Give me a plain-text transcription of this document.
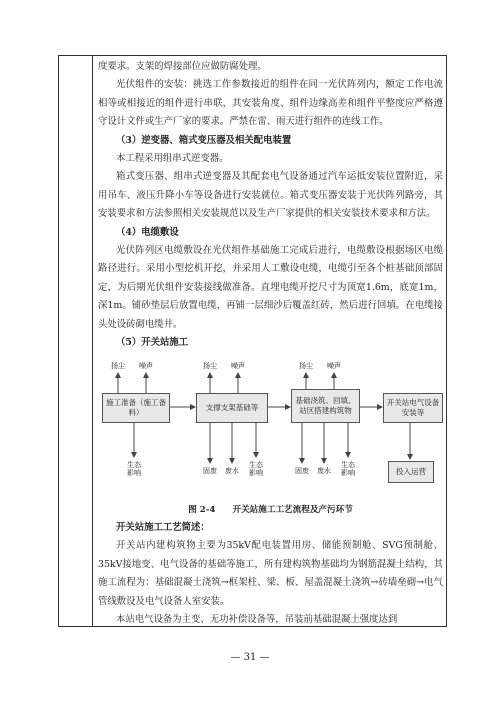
度要求。支架的焊接部位应做防腐处理。

光伏组件的安装：挑选工作参数接近的组件在同一光伏阵列内，额定工作电流相等或相接近的组件进行串联，其安装角度、组件边缘高差和组件平整度应严格遵守设计文件或生产厂家的要求。严禁在雷、雨天进行组件的连线工作。

（3）逆变器、箱式变压器及相关配电装置

本工程采用组串式逆变器。

箱式变压器、组串式逆变器及其配套电气设备通过汽车运抵安装位置附近，采用吊车、液压升降小车等设备进行安装就位。箱式变压器安装于光伏阵列路旁，其安装要求和方法参照相关安装规范以及生产厂家提供的相关安装技术要求和方法。

（4）电缆敷设

光伏阵列区电缆敷设在光伏组件基础施工完成后进行，电缆敷设根据场区电缆路径进行。采用小型挖机开挖，并采用人工敷设电缆，电缆引至各个桩基础顶部固定，为后期光伏组件安装接线做准备。直埋电缆开挖尺寸为顶宽1.6m，底宽1m，深1m。铺砂垫层后放置电缆，再铺一层细沙后覆盖红砖，然后进行回填。在电缆接头处设砖砌电缆井。

（5）开关站施工

施工准备（施工备料）
支撑支架基础等
基础浇筑、回填、站区搭建构筑物
开关站电气设备安装等
投入运营
扬尘	噪声
生态影响
扬尘	噪声
固废	废水
生态影响
扬尘	噪声
固废	废水
生态影响

图 2-4　　开关站施工工艺流程及产污环节

开关站施工工艺简述：

开关站内建构筑物主要为35kV配电装置用房、储能预制舱、SVG预制舱、35kV接地变、电气设备的基础等施工，所有建构筑物基础均为钢筋混凝土结构，其施工流程为：基础混凝土浇筑→框架柱、梁、板、屋盖混凝土浇筑→砖墙垒砌→电气管线敷设及电气设备人室安装。

本站电气设备为主变、无功补偿设备等，吊装前基础混凝土强度达到

— 31 —
